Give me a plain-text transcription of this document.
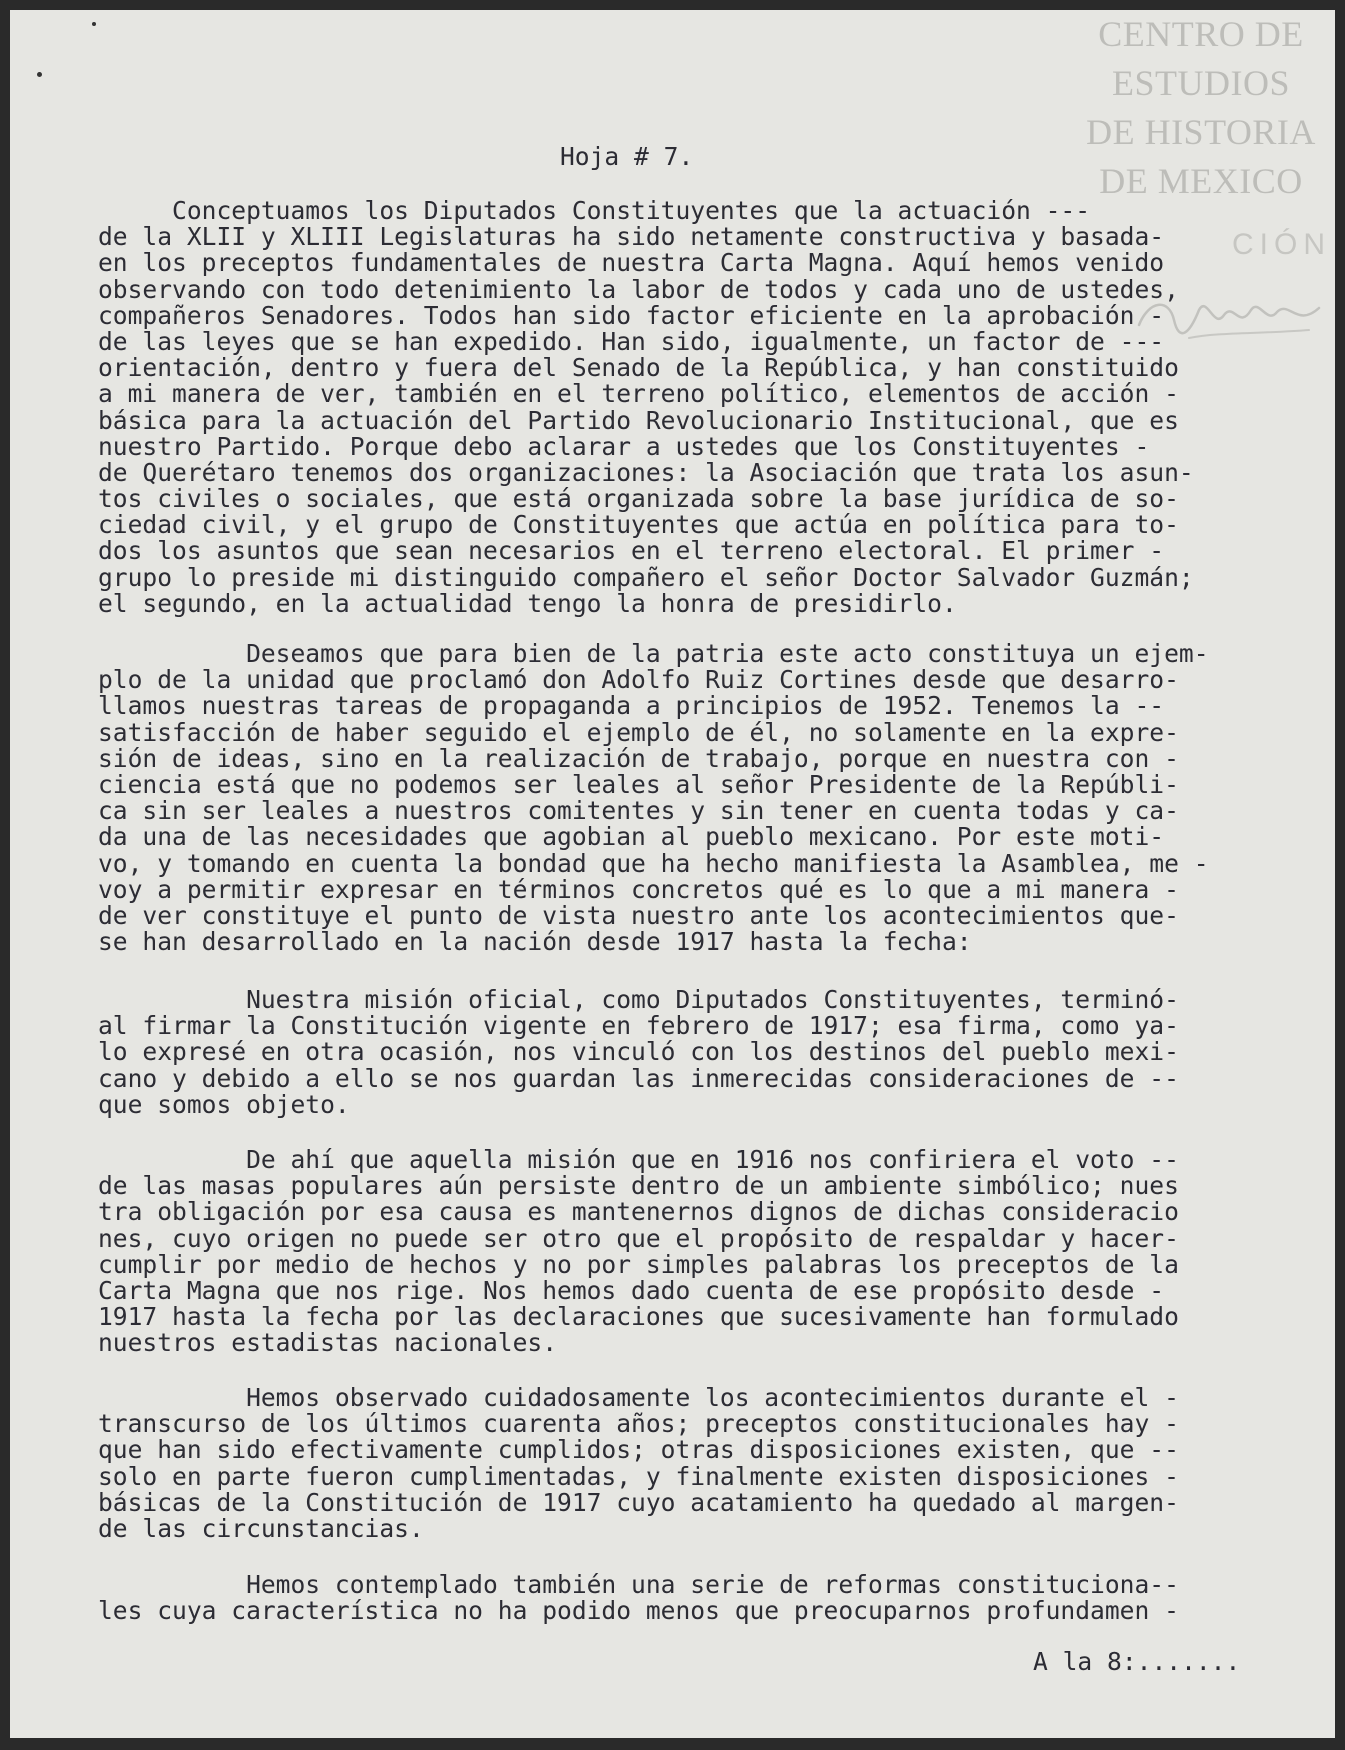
CENTRO DE
ESTUDIOS
DE HISTORIA
DE MEXICO
CIÓN
Hoja # 7.
Conceptuamos los Diputados Constituyentes que la actuación ---
de la XLII y XLIII Legislaturas ha sido netamente constructiva y basada-
en los preceptos fundamentales de nuestra Carta Magna. Aquí hemos venido
observando con todo detenimiento la labor de todos y cada uno de ustedes,
compañeros Senadores. Todos han sido factor eficiente en la aprobación -
de las leyes que se han expedido. Han sido, igualmente, un factor de ---
orientación, dentro y fuera del Senado de la República, y han constituido
a mi manera de ver, también en el terreno político, elementos de acción -
básica para la actuación del Partido Revolucionario Institucional, que es
nuestro Partido. Porque debo aclarar a ustedes que los Constituyentes -
de Querétaro tenemos dos organizaciones: la Asociación que trata los asun-
tos civiles o sociales, que está organizada sobre la base jurídica de so-
ciedad civil, y el grupo de Constituyentes que actúa en política para to-
dos los asuntos que sean necesarios en el terreno electoral. El primer -
grupo lo preside mi distinguido compañero el señor Doctor Salvador Guzmán;
el segundo, en la actualidad tengo la honra de presidirlo.
Deseamos que para bien de la patria este acto constituya un ejem-
plo de la unidad que proclamó don Adolfo Ruiz Cortines desde que desarro-
llamos nuestras tareas de propaganda a principios de 1952. Tenemos la --
satisfacción de haber seguido el ejemplo de él, no solamente en la expre-
sión de ideas, sino en la realización de trabajo, porque en nuestra con -
ciencia está que no podemos ser leales al señor Presidente de la Repúbli-
ca sin ser leales a nuestros comitentes y sin tener en cuenta todas y ca-
da una de las necesidades que agobian al pueblo mexicano. Por este moti-
vo, y tomando en cuenta la bondad que ha hecho manifiesta la Asamblea, me -
voy a permitir expresar en términos concretos qué es lo que a mi manera -
de ver constituye el punto de vista nuestro ante los acontecimientos que-
se han desarrollado en la nación desde 1917 hasta la fecha:
Nuestra misión oficial, como Diputados Constituyentes, terminó-
al firmar la Constitución vigente en febrero de 1917; esa firma, como ya-
lo expresé en otra ocasión, nos vinculó con los destinos del pueblo mexi-
cano y debido a ello se nos guardan las inmerecidas consideraciones de --
que somos objeto.
De ahí que aquella misión que en 1916 nos confiriera el voto --
de las masas populares aún persiste dentro de un ambiente simbólico; nues
tra obligación por esa causa es mantenernos dignos de dichas consideracio
nes, cuyo origen no puede ser otro que el propósito de respaldar y hacer-
cumplir por medio de hechos y no por simples palabras los preceptos de la
Carta Magna que nos rige. Nos hemos dado cuenta de ese propósito desde -
1917 hasta la fecha por las declaraciones que sucesivamente han formulado
nuestros estadistas nacionales.
Hemos observado cuidadosamente los acontecimientos durante el -
transcurso de los últimos cuarenta años; preceptos constitucionales hay -
que han sido efectivamente cumplidos; otras disposiciones existen, que --
solo en parte fueron cumplimentadas, y finalmente existen disposiciones -
básicas de la Constitución de 1917 cuyo acatamiento ha quedado al margen-
de las circunstancias.
Hemos contemplado también una serie de reformas constituciona--
les cuya característica no ha podido menos que preocuparnos profundamen -
A la 8:.......
